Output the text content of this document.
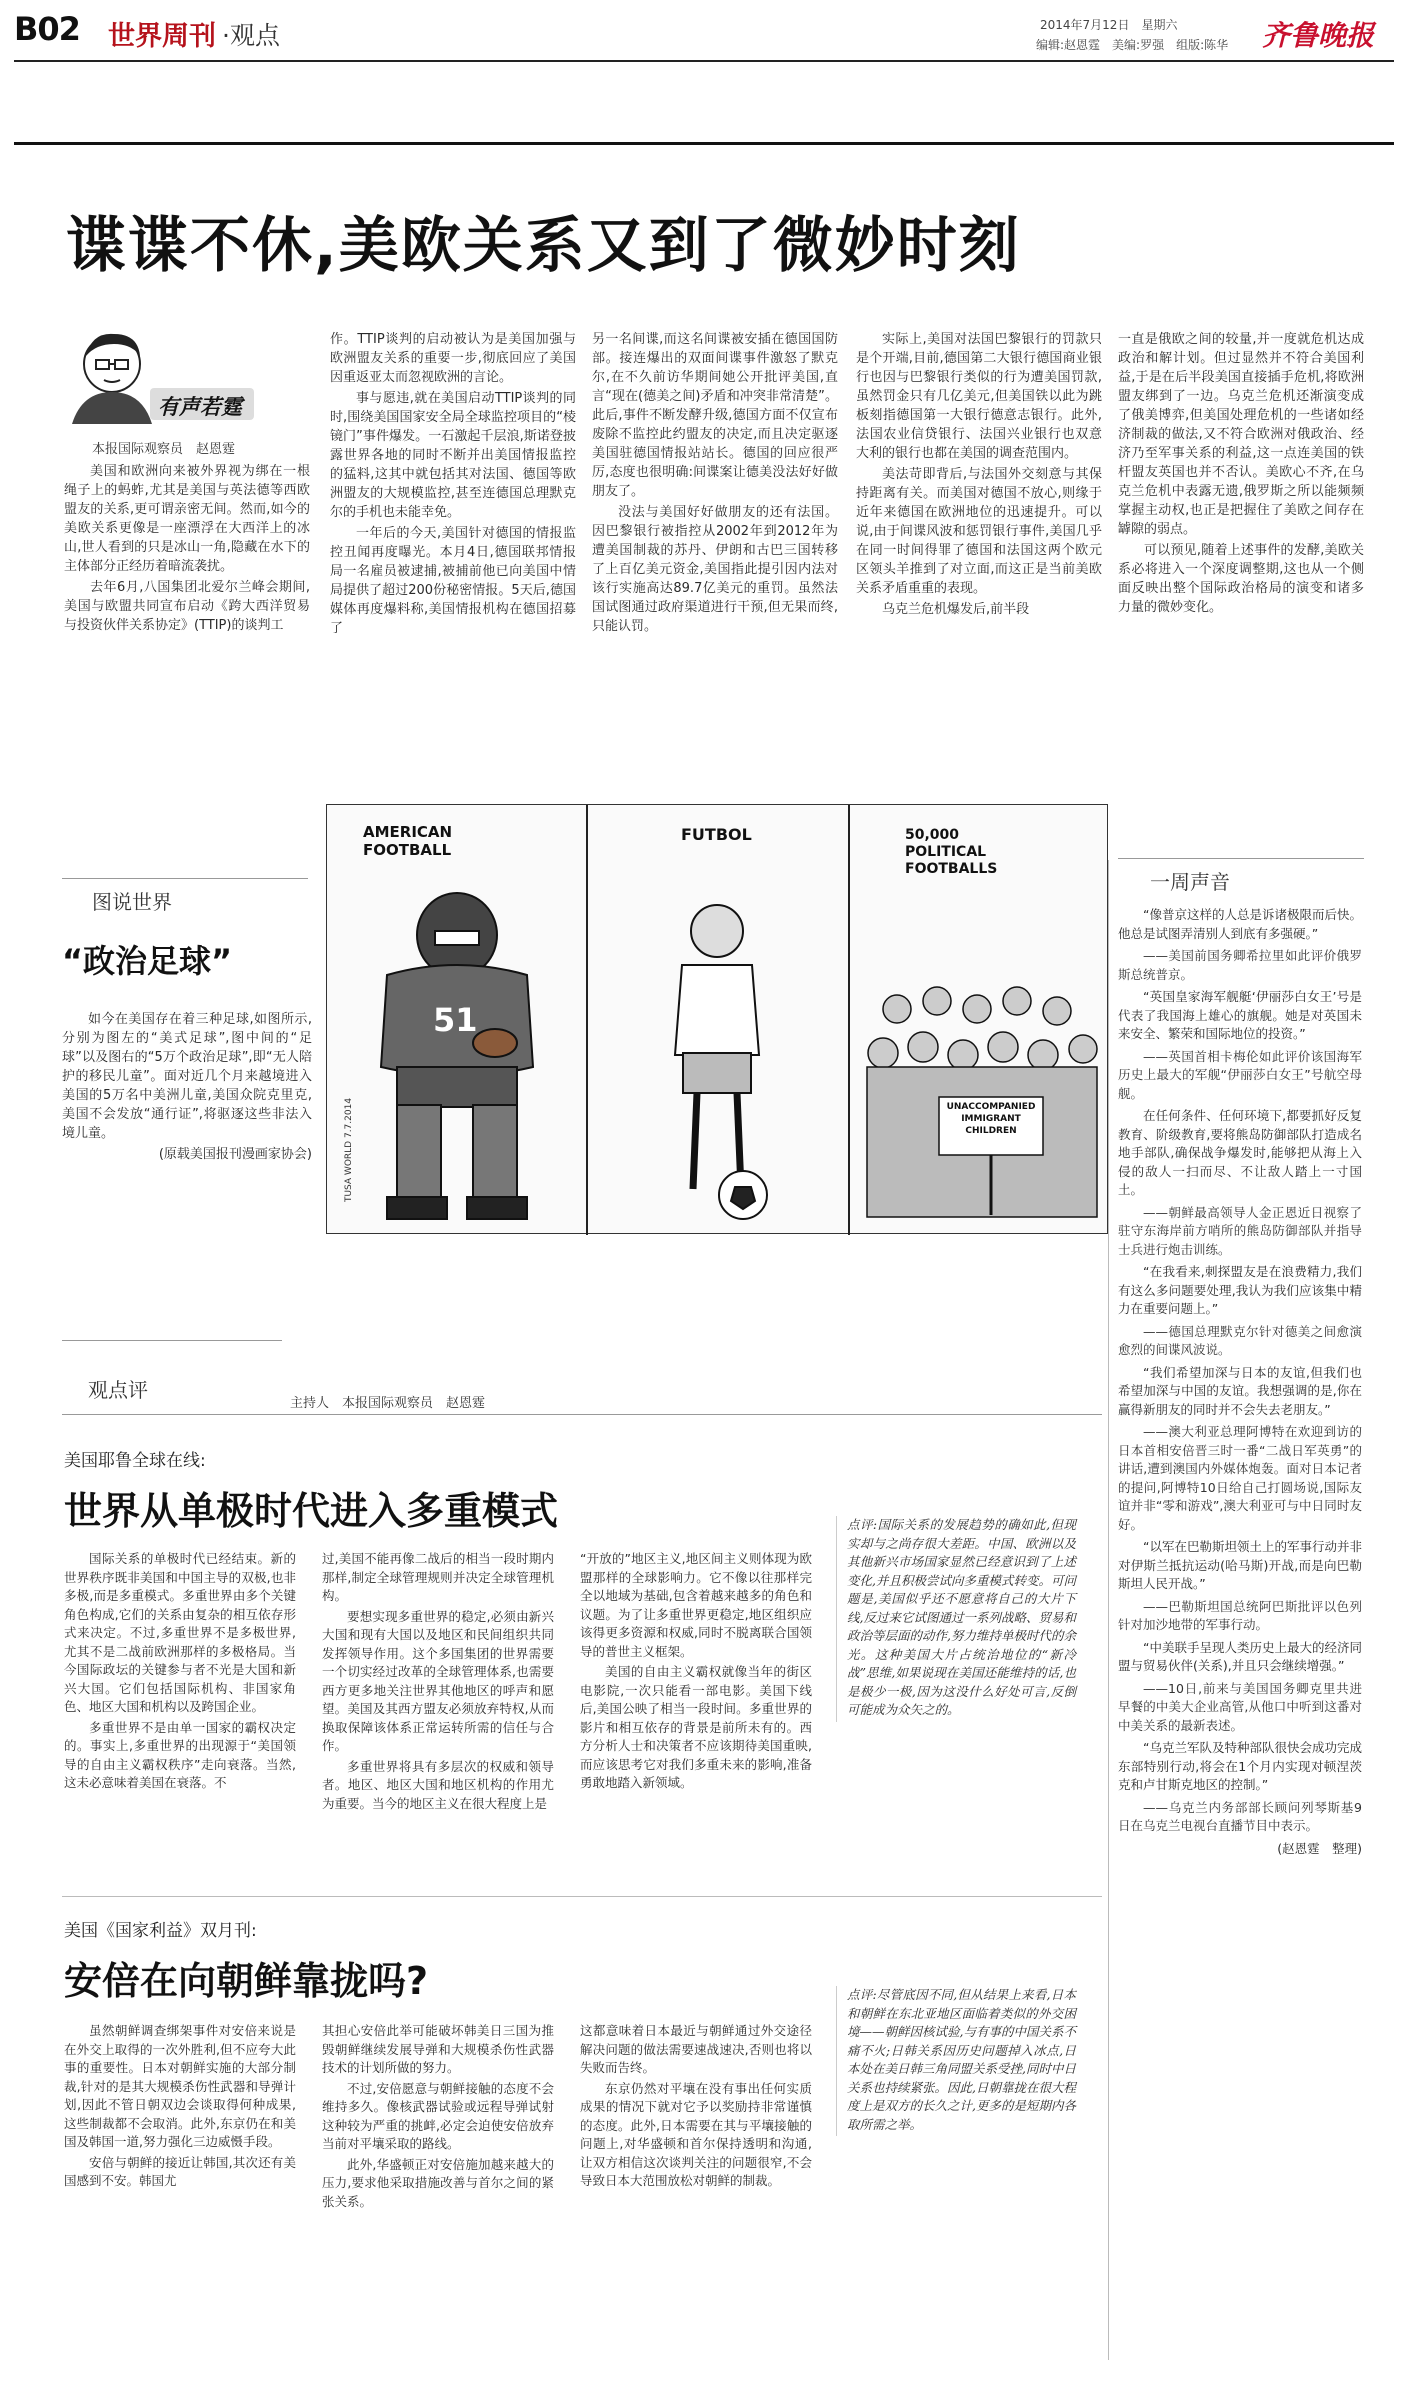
B02 世界周刊 ·观点	2014年7月12日　星期六
编辑:赵恩霆　美编:罗强　组版:陈华 齐鲁晚报
谍谍不休,美欧关系又到了微妙时刻
有声若霆
本报国际观察员　赵恩霆

美国和欧洲向来被外界视为绑在一根绳子上的蚂蚱,尤其是美国与英法德等西欧盟友的关系,更可谓亲密无间。然而,如今的美欧关系更像是一座漂浮在大西洋上的冰山,世人看到的只是冰山一角,隐藏在水下的主体部分正经历着暗流袭扰。

去年6月,八国集团北爱尔兰峰会期间,美国与欧盟共同宣布启动《跨大西洋贸易与投资伙伴关系协定》(TTIP)的谈判工

作。TTIP谈判的启动被认为是美国加强与欧洲盟友关系的重要一步,彻底回应了美国因重返亚太而忽视欧洲的言论。

事与愿违,就在美国启动TTIP谈判的同时,围绕美国国家安全局全球监控项目的“棱镜门”事件爆发。一石激起千层浪,斯诺登披露世界各地的同时不断并出美国情报监控的猛料,这其中就包括其对法国、德国等欧洲盟友的大规模监控,甚至连德国总理默克尔的手机也未能幸免。

一年后的今天,美国针对德国的情报监控丑闻再度曝光。本月4日,德国联邦情报局一名雇员被逮捕,被捕前他已向美国中情局提供了超过200份秘密情报。5天后,德国媒体再度爆料称,美国情报机构在德国招募了

另一名间谍,而这名间谍被安插在德国国防部。接连爆出的双面间谍事件激怒了默克尔,在不久前访华期间她公开批评美国,直言“现在(德美之间)矛盾和冲突非常清楚”。此后,事件不断发酵升级,德国方面不仅宣布废除不监控此约盟友的决定,而且决定驱逐美国驻德国情报站站长。德国的回应很严厉,态度也很明确:间谍案让德美没法好好做朋友了。

没法与美国好好做朋友的还有法国。因巴黎银行被指控从2002年到2012年为遭美国制裁的苏丹、伊朗和古巴三国转移了上百亿美元资金,美国指此提引因内法对该行实施高达89.7亿美元的重罚。虽然法国试图通过政府渠道进行干预,但无果而终,只能认罚。

实际上,美国对法国巴黎银行的罚款只是个开端,目前,德国第二大银行德国商业银行也因与巴黎银行类似的行为遭美国罚款,虽然罚金只有几亿美元,但美国铁以此为跳板刻指德国第一大银行德意志银行。此外,法国农业信贷银行、法国兴业银行也双意大利的银行也都在美国的调查范围内。

美法苛即背后,与法国外交刻意与其保持距离有关。而美国对德国不放心,则缘于近年来德国在欧洲地位的迅速提升。可以说,由于间谍风波和惩罚银行事件,美国几乎在同一时间得罪了德国和法国这两个欧元区领头羊推到了对立面,而这正是当前美欧关系矛盾重重的表现。

乌克兰危机爆发后,前半段

一直是俄欧之间的较量,并一度就危机达成政治和解计划。但过显然并不符合美国利益,于是在后半段美国直接插手危机,将欧洲盟友绑到了一边。乌克兰危机还渐演变成了俄美博弈,但美国处理危机的一些诸如经济制裁的做法,又不符合欧洲对俄政治、经济乃至军事关系的利益,这一点连美国的铁杆盟友英国也并不否认。美欧心不齐,在乌克兰危机中表露无遗,俄罗斯之所以能频频掌握主动权,也正是把握住了美欧之间存在罅隙的弱点。

可以预见,随着上述事件的发酵,美欧关系必将进入一个深度调整期,这也从一个侧面反映出整个国际政治格局的演变和诸多力量的微妙变化。

图说世界
“政治足球”

如今在美国存在着三种足球,如图所示,分别为图左的“美式足球”,图中间的“足球”以及图右的“5万个政治足球”,即“无人陪护的移民儿童”。面对近几个月来越境进入美国的5万名中美洲儿童,美国众院克里克,美国不会发放“通行证”,将驱逐这些非法入境儿童。

(原载美国报刊漫画家协会)
AMERICAN FOOTBALL
FUTBOL	50,000 POLITICAL FOOTBALLS
51
UNACCOMPANIED IMMIGRANT CHILDREN
TUSA WORLD 7.7.2014
一周声音

“像普京这样的人总是诉诸极限而后快。他总是试图弄清别人到底有多强硬。”

——美国前国务卿希拉里如此评价俄罗斯总统普京。

“英国皇家海军舰艇‘伊丽莎白女王’号是代表了我国海上雄心的旗舰。她是对英国未来安全、繁荣和国际地位的投资。”

——英国首相卡梅伦如此评价该国海军历史上最大的军舰“伊丽莎白女王”号航空母舰。

在任何条件、任何环境下,都要抓好反复教育、阶级教育,要将熊岛防御部队打造成名地手部队,确保战争爆发时,能够把从海上入侵的敌人一扫而尽、不让敌人踏上一寸国土。

——朝鲜最高领导人金正恩近日视察了驻守东海岸前方哨所的熊岛防御部队并指导士兵进行炮击训练。

“在我看来,刺探盟友是在浪费精力,我们有这么多问题要处理,我认为我们应该集中精力在重要问题上。”

——德国总理默克尔针对德美之间愈演愈烈的间谍风波说。

“我们希望加深与日本的友谊,但我们也希望加深与中国的友谊。我想强调的是,你在赢得新朋友的同时并不会失去老朋友。”

——澳大利亚总理阿博特在欢迎到访的日本首相安倍晋三时一番“二战日军英勇”的讲话,遭到澳国内外媒体炮轰。面对日本记者的提问,阿博特10日给自己打圆场说,国际友谊并非“零和游戏”,澳大利亚可与中日同时友好。

“以军在巴勒斯坦领土上的军事行动并非对伊斯兰抵抗运动(哈马斯)开战,而是向巴勒斯坦人民开战。”

——巴勒斯坦国总统阿巴斯批评以色列针对加沙地带的军事行动。

“中美联手呈现人类历史上最大的经济同盟与贸易伙伴(关系),并且只会继续增强。”

——10日,前来与美国国务卿克里共进早餐的中美大企业高管,从他口中听到这番对中美关系的最新表述。

“乌克兰军队及特种部队很快会成功完成东部特别行动,将会在1个月内实现对顿涅茨克和卢甘斯克地区的控制。”

——乌克兰内务部部长顾问列琴斯基9日在乌克兰电视台直播节目中表示。

(赵恩霆　整理)
观点评
主持人　本报国际观察员　赵恩霆
美国耶鲁全球在线:
世界从单极时代进入多重模式

国际关系的单极时代已经结束。新的世界秩序既非美国和中国主导的双极,也非多极,而是多重模式。多重世界由多个关键角色构成,它们的关系由复杂的相互依存形式来决定。不过,多重世界不是多极世界,尤其不是二战前欧洲那样的多极格局。当今国际政坛的关键参与者不光是大国和新兴大国。它们包括国际机构、非国家角色、地区大国和机构以及跨国企业。

多重世界不是由单一国家的霸权决定的。事实上,多重世界的出现源于“美国领导的自由主义霸权秩序”走向衰落。当然,这未必意味着美国在衰落。不

过,美国不能再像二战后的相当一段时期内那样,制定全球管理规则并决定全球管理机构。

要想实现多重世界的稳定,必须由新兴大国和现有大国以及地区和民间组织共同发挥领导作用。这个多国集团的世界需要一个切实经过改革的全球管理体系,也需要西方更多地关注世界其他地区的呼声和愿望。美国及其西方盟友必须放弃特权,从而换取保障该体系正常运转所需的信任与合作。

多重世界将具有多层次的权威和领导者。地区、地区大国和地区机构的作用尤为重要。当今的地区主义在很大程度上是

“开放的”地区主义,地区间主义则体现为欧盟那样的全球影响力。它不像以往那样完全以地域为基础,包含着越来越多的角色和议题。为了让多重世界更稳定,地区组织应该得更多资源和权威,同时不脱离联合国领导的普世主义框架。

美国的自由主义霸权就像当年的街区电影院,一次只能看一部电影。美国下线后,美国公映了相当一段时间。多重世界的影片和相互依存的背景是前所未有的。西方分析人士和决策者不应该期待美国重映,而应该思考它对我们多重未来的影响,准备勇敢地踏入新领域。

点评:国际关系的发展趋势的确如此,但现实却与之尚存很大差距。中国、欧洲以及其他新兴市场国家显然已经意识到了上述变化,并且积极尝试向多重模式转变。可问题是,美国似乎还不愿意将自己的大片下线,反过来它试图通过一系列战略、贸易和政治等层面的动作,努力维持单极时代的余光。这种美国大片占统治地位的“新冷战”思维,如果说现在美国还能维持的话,也是极少一极,因为这没什么好处可言,反倒可能成为众矢之的。

美国《国家利益》双月刊:
安倍在向朝鲜靠拢吗?

虽然朝鲜调查绑架事件对安倍来说是在外交上取得的一次外胜利,但不应夸大此事的重要性。日本对朝鲜实施的大部分制裁,针对的是其大规模杀伤性武器和导弹计划,因此不管日朝双边会谈取得何种成果,这些制裁都不会取消。此外,东京仍在和美国及韩国一道,努力强化三边威慑手段。

安倍与朝鲜的接近让韩国,其次还有美国感到不安。韩国尤

其担心安倍此举可能破坏韩美日三国为推毁朝鲜继续发展导弹和大规模杀伤性武器技术的计划所做的努力。

不过,安倍愿意与朝鲜接触的态度不会维持多久。像核武器试验或远程导弹试射这种较为严重的挑衅,必定会迫使安倍放弃当前对平壤采取的路线。

此外,华盛顿正对安倍施加越来越大的压力,要求他采取措施改善与首尔之间的紧张关系。

这都意味着日本最近与朝鲜通过外交途径解决问题的做法需要速战速决,否则也将以失败而告终。

东京仍然对平壤在没有事出任何实质成果的情况下就对它予以奖励持非常谨慎的态度。此外,日本需要在其与平壤接触的问题上,对华盛顿和首尔保持透明和沟通,让双方相信这次谈判关注的问题很窄,不会导致日本大范围放松对朝鲜的制裁。

点评:尽管底因不同,但从结果上来看,日本和朝鲜在东北亚地区面临着类似的外交困境——朝鲜因核试验,与有事的中国关系不痛不火;日韩关系因历史问题掉入冰点,日本处在美日韩三角同盟关系受挫,同时中日关系也持续紧张。因此,日朝靠拢在很大程度上是双方的长久之计,更多的是短期内各取所需之举。
